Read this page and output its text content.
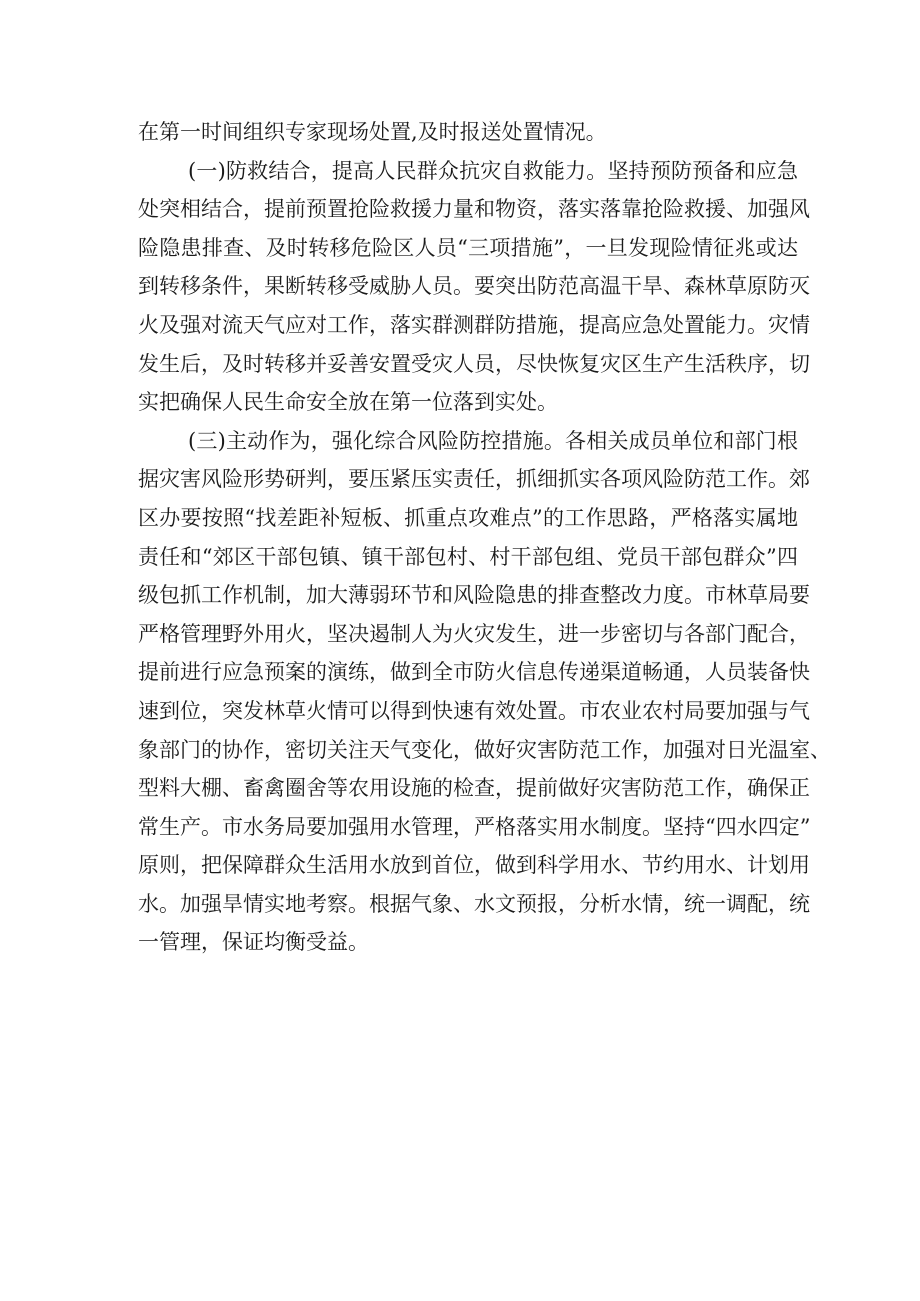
在第一时间组织专家现场处置,及时报送处置情况。
(一)防救结合，提高人民群众抗灾自救能力。坚持预防预备和应急
处突相结合，提前预置抢险救援力量和物资，落实落靠抢险救援、加强风
险隐患排查、及时转移危险区人员“三项措施”，一旦发现险情征兆或达
到转移条件，果断转移受威胁人员。要突出防范高温干旱、森林草原防灭
火及强对流天气应对工作，落实群测群防措施，提高应急处置能力。灾情
发生后，及时转移并妥善安置受灾人员，尽快恢复灾区生产生活秩序，切
实把确保人民生命安全放在第一位落到实处。
(三)主动作为，强化综合风险防控措施。各相关成员单位和部门根
据灾害风险形势研判，要压紧压实责任，抓细抓实各项风险防范工作。郊
区办要按照“找差距补短板、抓重点攻难点”的工作思路，严格落实属地
责任和“郊区干部包镇、镇干部包村、村干部包组、党员干部包群众”四
级包抓工作机制，加大薄弱环节和风险隐患的排查整改力度。市林草局要
严格管理野外用火，坚决遏制人为火灾发生，进一步密切与各部门配合，
提前进行应急预案的演练，做到全市防火信息传递渠道畅通，人员装备快
速到位，突发林草火情可以得到快速有效处置。市农业农村局要加强与气
象部门的协作，密切关注天气变化，做好灾害防范工作，加强对日光温室、
型料大棚、畜禽圈舍等农用设施的检查，提前做好灾害防范工作，确保正
常生产。市水务局要加强用水管理，严格落实用水制度。坚持“四水四定”
原则，把保障群众生活用水放到首位，做到科学用水、节约用水、计划用
水。加强旱情实地考察。根据气象、水文预报，分析水情，统一调配，统
一管理，保证均衡受益。
